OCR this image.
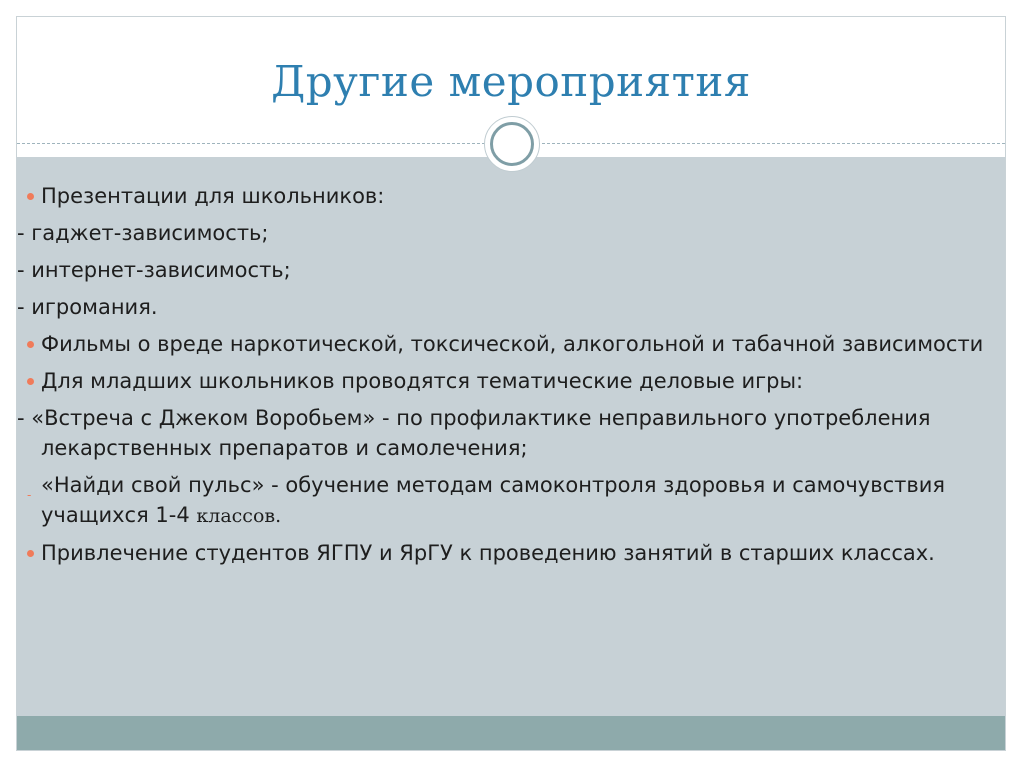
Другие мероприятия
Презентации для школьников:
- гаджет-зависимость;
- интернет-зависимость;
- игромания.
Фильмы о вреде наркотической, токсической, алкогольной и табачной зависимости
Для младших школьников проводятся тематические деловые игры:
- «Встреча с Джеком Воробьем» - по профилактике неправильного употребления лекарственных препаратов и самолечения;
- «Найди свой пульс» - обучение методам самоконтроля здоровья и самочувствия учащихся 1-4 классов.
Привлечение студентов ЯГПУ и ЯрГУ к проведению занятий в старших классах.
